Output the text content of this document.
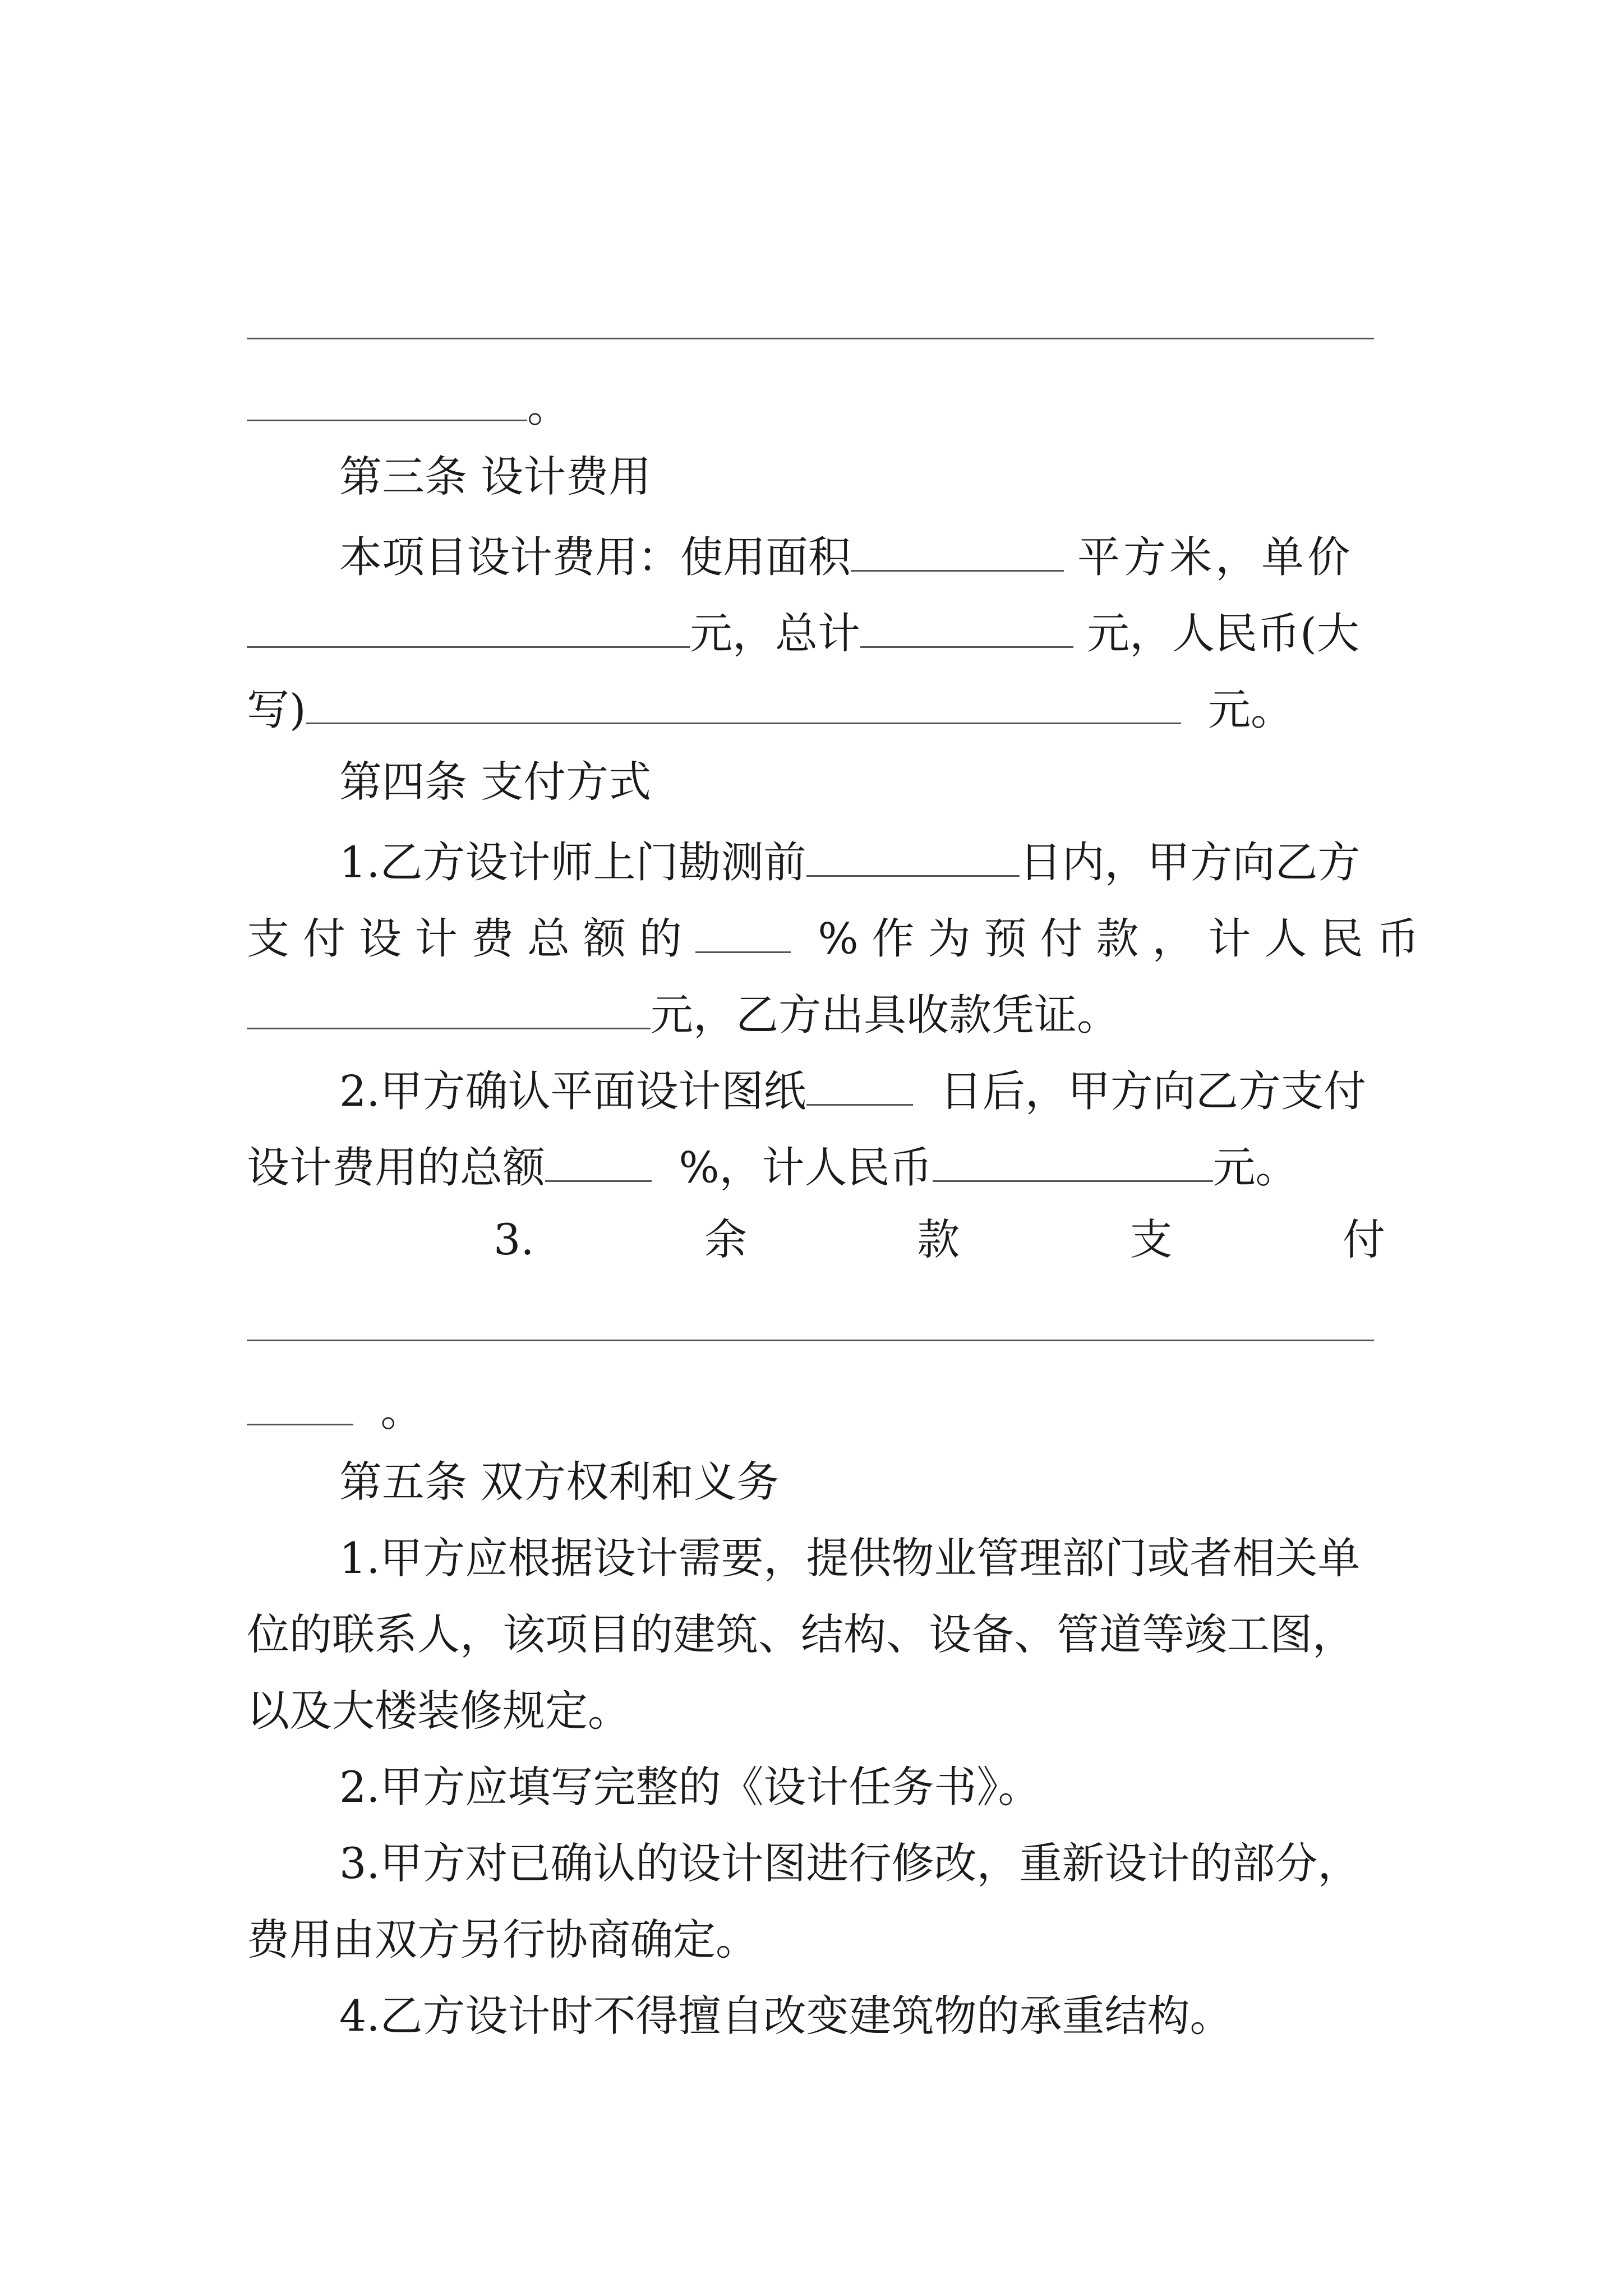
。
第三条 设计费用
本项目设计费用：使用面积	平方米，单价
元，总计	元，人民币(大
写)	元。
第四条 支付方式
1.乙方设计师上门勘测前	日内，甲方向乙方
支付设计费总额的	%作为预付款，计人民币
元，乙方出具收款凭证。
2.甲方确认平面设计图纸	日后，甲方向乙方支付
设计费用的总额	%，计人民币	元。
3.	余	款	支	付
。
第五条 双方权利和义务
1.甲方应根据设计需要，提供物业管理部门或者相关单
位的联系人，该项目的建筑、结构、设备、管道等竣工图，
以及大楼装修规定。
2.甲方应填写完整的《设计任务书》。
3.甲方对已确认的设计图进行修改，重新设计的部分，
费用由双方另行协商确定。
4.乙方设计时不得擅自改变建筑物的承重结构。
